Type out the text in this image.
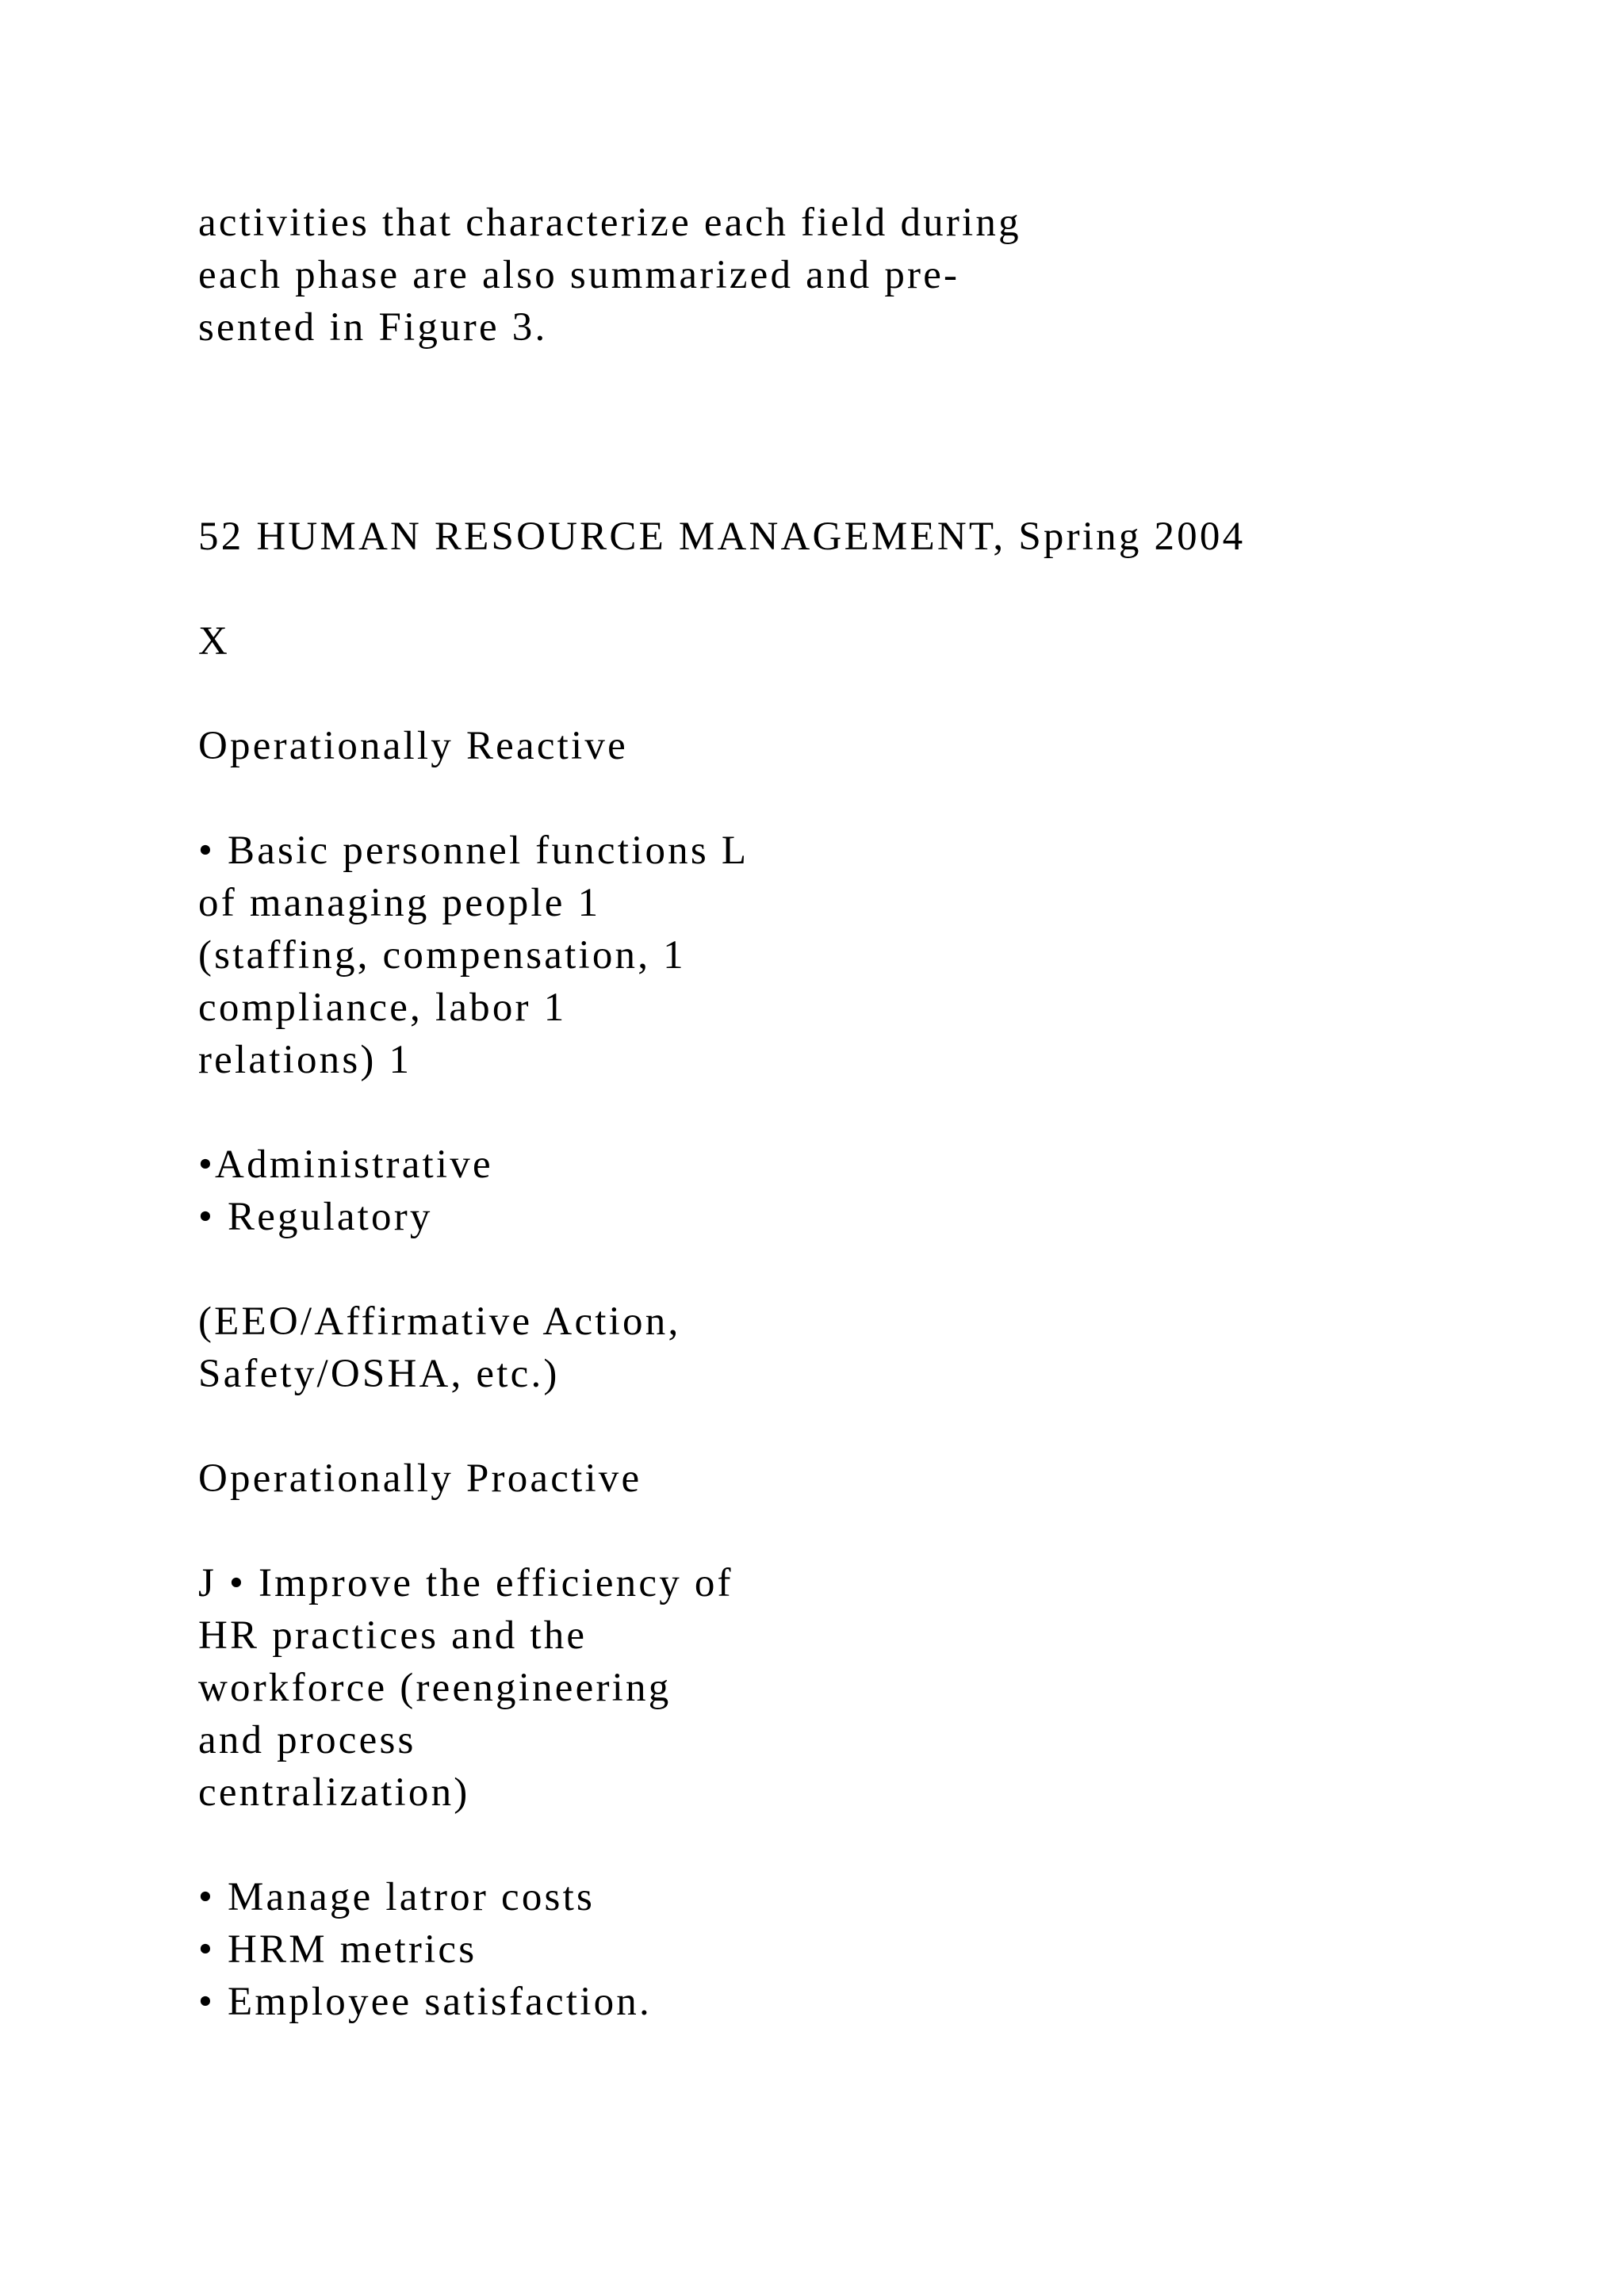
activities that characterize each field during

each phase are also summarized and pre-

sented in Figure 3.

52 HUMAN RESOURCE MANAGEMENT, Spring 2004

X

Operationally Reactive

• Basic personnel functions L

of managing people 1

(staffing, compensation, 1

compliance, labor 1

relations) 1

•Administrative

• Regulatory

(EEO/Affirmative Action,

Safety/OSHA, etc.)

Operationally Proactive

J • Improve the efficiency of

HR practices and the

workforce (reengineering

and process

centralization)

• Manage latror costs

• HRM metrics

• Employee satisfaction.
